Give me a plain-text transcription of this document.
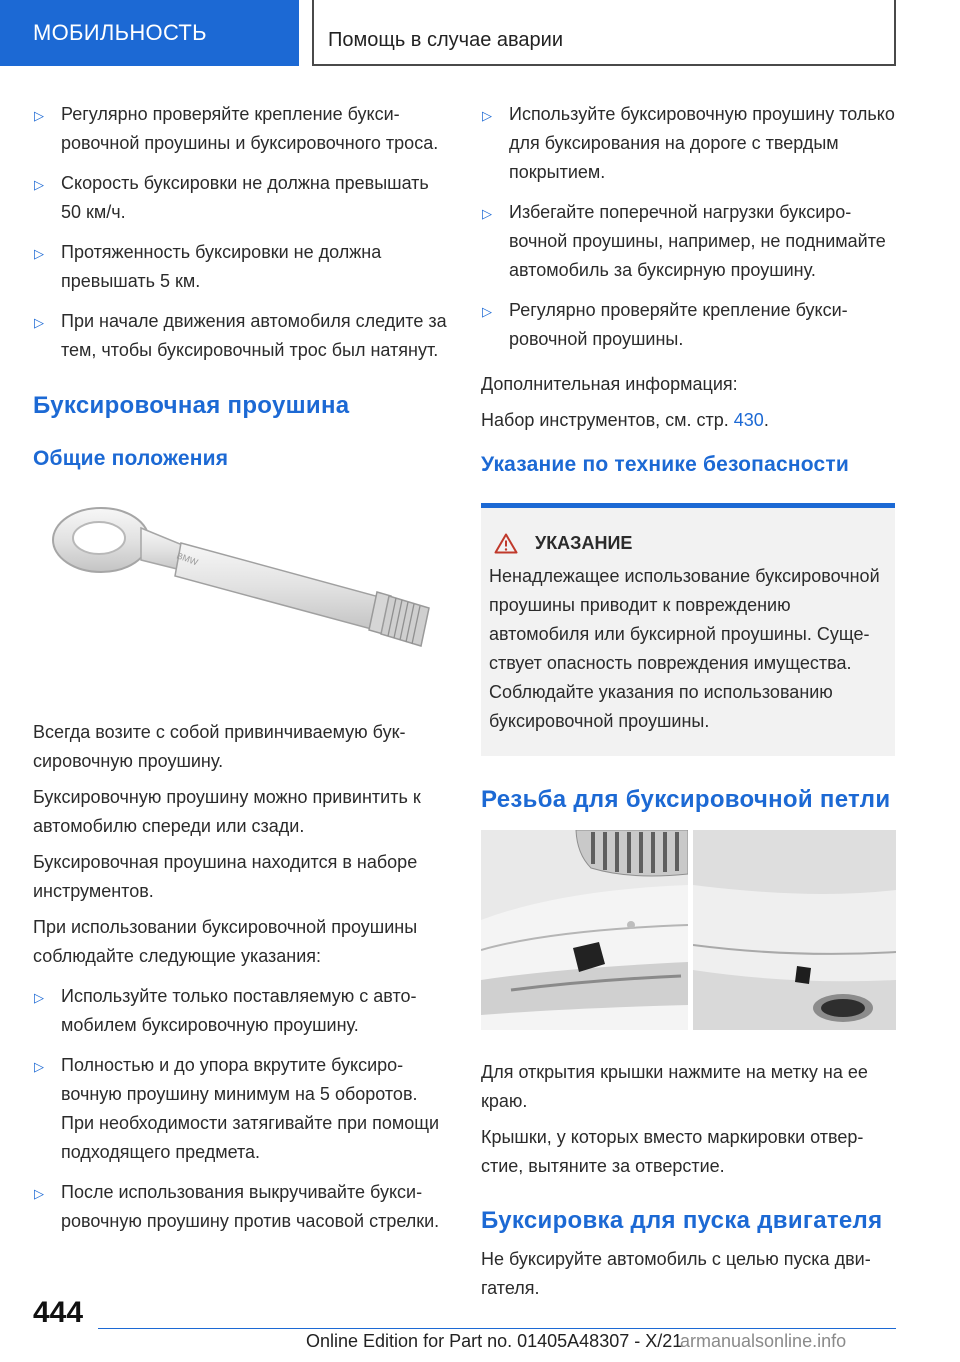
МОБИЛЬНОСТЬ	Помощь в случае аварии
▷ Регулярно проверяйте крепление буксировочной проушины и буксировочного троса.
▷ Скорость буксировки не должна превышать 50 км/ч.
▷ Протяженность буксировки не должна превышать 5 км.
▷ При начале движения автомобиля следите за тем, чтобы буксировочный трос был натянут.
Буксировочная проушина
Общие положения
BMW
Всегда возите с собой привинчиваемую буксировочную проушину.
Буксировочную проушину можно привинтить к автомобилю спереди или сзади.
Буксировочная проушина находится в наборе инструментов.
При использовании буксировочной проушины соблюдайте следующие указания:
▷ Используйте только поставляемую с автомобилем буксировочную проушину.
▷ Полностью и до упора вкрутите буксировочную проушину минимум на 5 оборотов. При необходимости затягивайте при помощи подходящего предмета.
▷ После использования выкручивайте буксировочную проушину против часовой стрелки.
▷ Используйте буксировочную проушину только для буксирования на дороге с твердым покрытием.
▷ Избегайте поперечной нагрузки буксировочной проушины, например, не поднимайте автомобиль за буксирную проушину.
▷ Регулярно проверяйте крепление буксировочной проушины.
Дополнительная информация:
Набор инструментов, см. стр. 430.
Указание по технике безопасности
УКАЗАНИЕ
Ненадлежащее использование буксировочной проушины приводит к повреждению автомобиля или буксирной проушины. Существует опасность повреждения имущества. Соблюдайте указания по использованию буксировочной проушины.
Резьба для буксировочной петли
Для открытия крышки нажмите на метку на ее краю.
Крышки, у которых вместо маркировки отверстие, вытяните за отверстие.
Буксировка для пуска двигателя
Не буксируйте автомобиль с целью пуска двигателя.
444
Online Edition for Part no. 01405A48307 - X/21
armanualsonline.info
